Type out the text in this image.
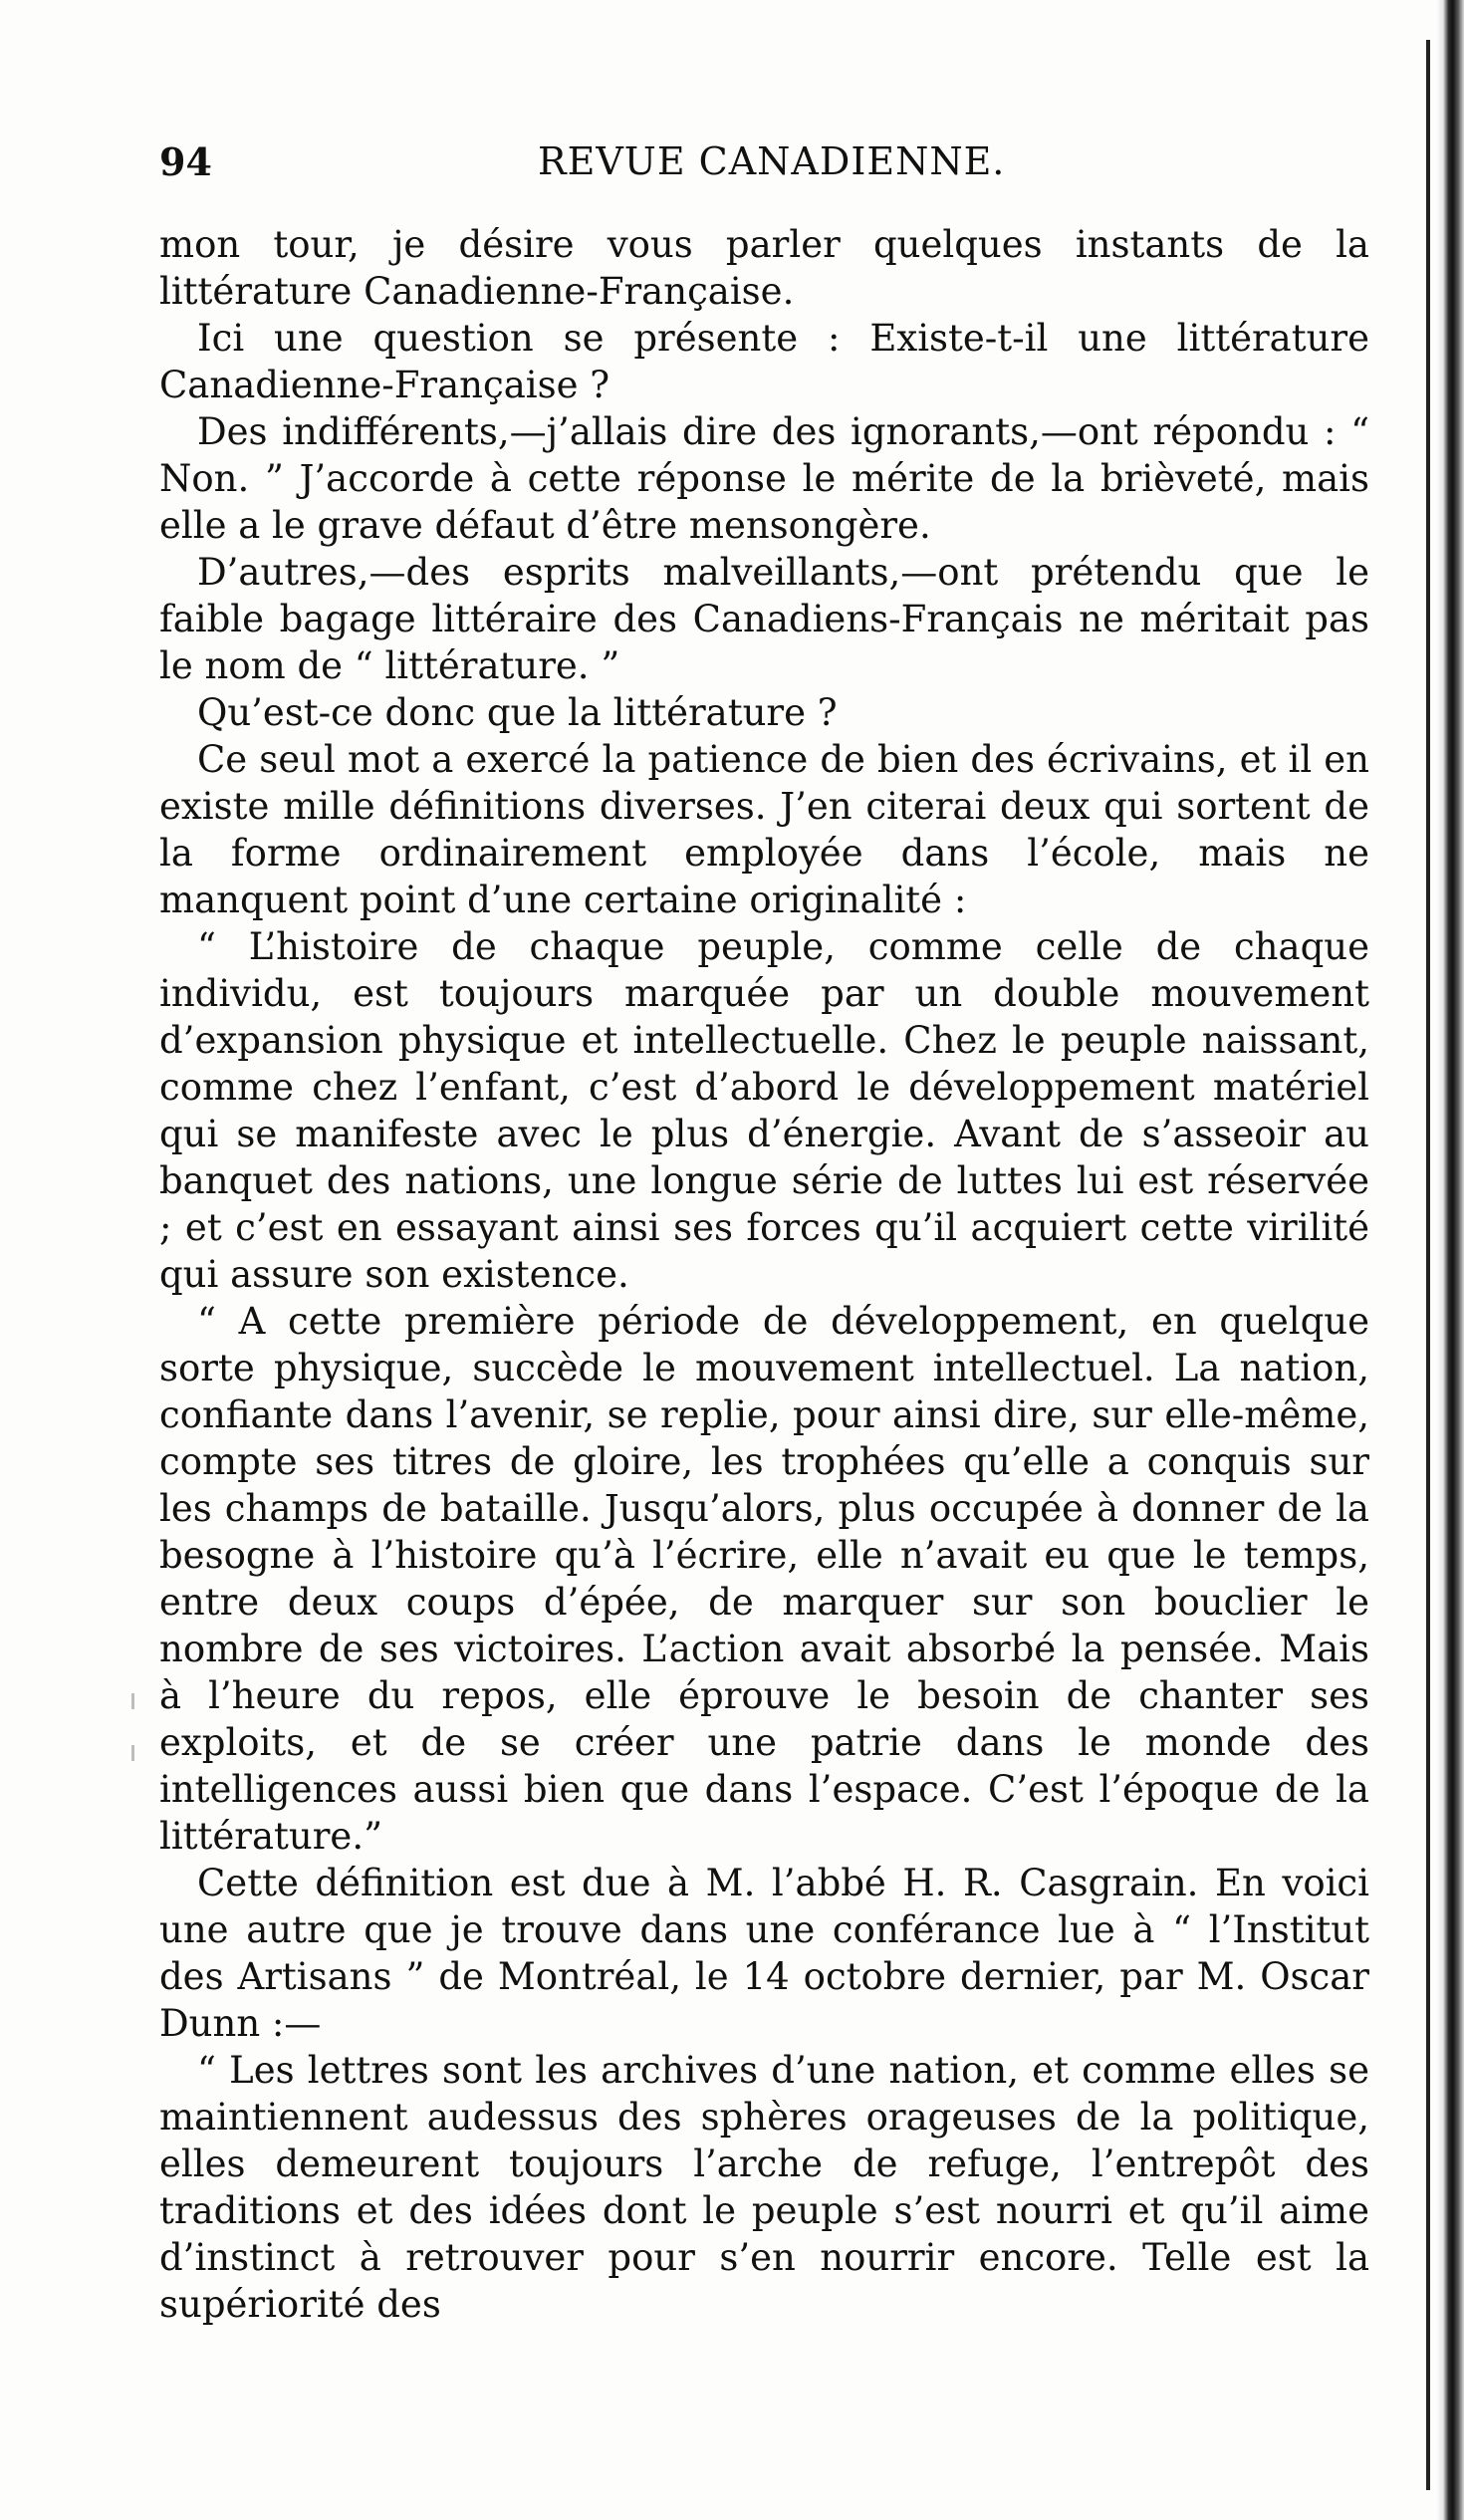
94	REVUE CANADIENNE.

mon tour, je désire vous parler quelques instants de la littérature Canadienne-Française.

Ici une question se présente : Existe-t-il une littérature Canadienne-Française ?

Des indifférents,—j’allais dire des ignorants,—ont répondu : “ Non. ” J’accorde à cette réponse le mérite de la brièveté, mais elle a le grave défaut d’être mensongère.

D’autres,—des esprits malveillants,—ont prétendu que le faible bagage littéraire des Canadiens-Français ne méritait pas le nom de “ littérature. ”

Qu’est-ce donc que la littérature ?

Ce seul mot a exercé la patience de bien des écrivains, et il en existe mille définitions diverses. J’en citerai deux qui sortent de la forme ordinairement employée dans l’école, mais ne manquent point d’une certaine originalité :

“ L’histoire de chaque peuple, comme celle de chaque individu, est toujours marquée par un double mouvement d’expansion physique et intellectuelle. Chez le peuple naissant, comme chez l’enfant, c’est d’abord le développement matériel qui se manifeste avec le plus d’énergie. Avant de s’asseoir au banquet des nations, une longue série de luttes lui est réservée ; et c’est en essayant ainsi ses forces qu’il acquiert cette virilité qui assure son existence.

“ A cette première période de développement, en quelque sorte physique, succède le mouvement intellectuel. La nation, confiante dans l’avenir, se replie, pour ainsi dire, sur elle-même, compte ses titres de gloire, les trophées qu’elle a conquis sur les champs de bataille. Jusqu’alors, plus occupée à donner de la besogne à l’histoire qu’à l’écrire, elle n’avait eu que le temps, entre deux coups d’épée, de marquer sur son bouclier le nombre de ses victoires. L’action avait absorbé la pensée. Mais à l’heure du repos, elle éprouve le besoin de chanter ses exploits, et de se créer une patrie dans le monde des intelligences aussi bien que dans l’espace. C’est l’époque de la littérature.”

Cette définition est due à M. l’abbé H. R. Casgrain. En voici une autre que je trouve dans une conférance lue à “ l’Institut des Artisans ” de Montréal, le 14 octobre dernier, par M. Oscar Dunn :—

“ Les lettres sont les archives d’une nation, et comme elles se maintiennent audessus des sphères orageuses de la politique, elles demeurent toujours l’arche de refuge, l’entrepôt des traditions et des idées dont le peuple s’est nourri et qu’il aime d’instinct à retrouver pour s’en nourrir encore. Telle est la supériorité des
